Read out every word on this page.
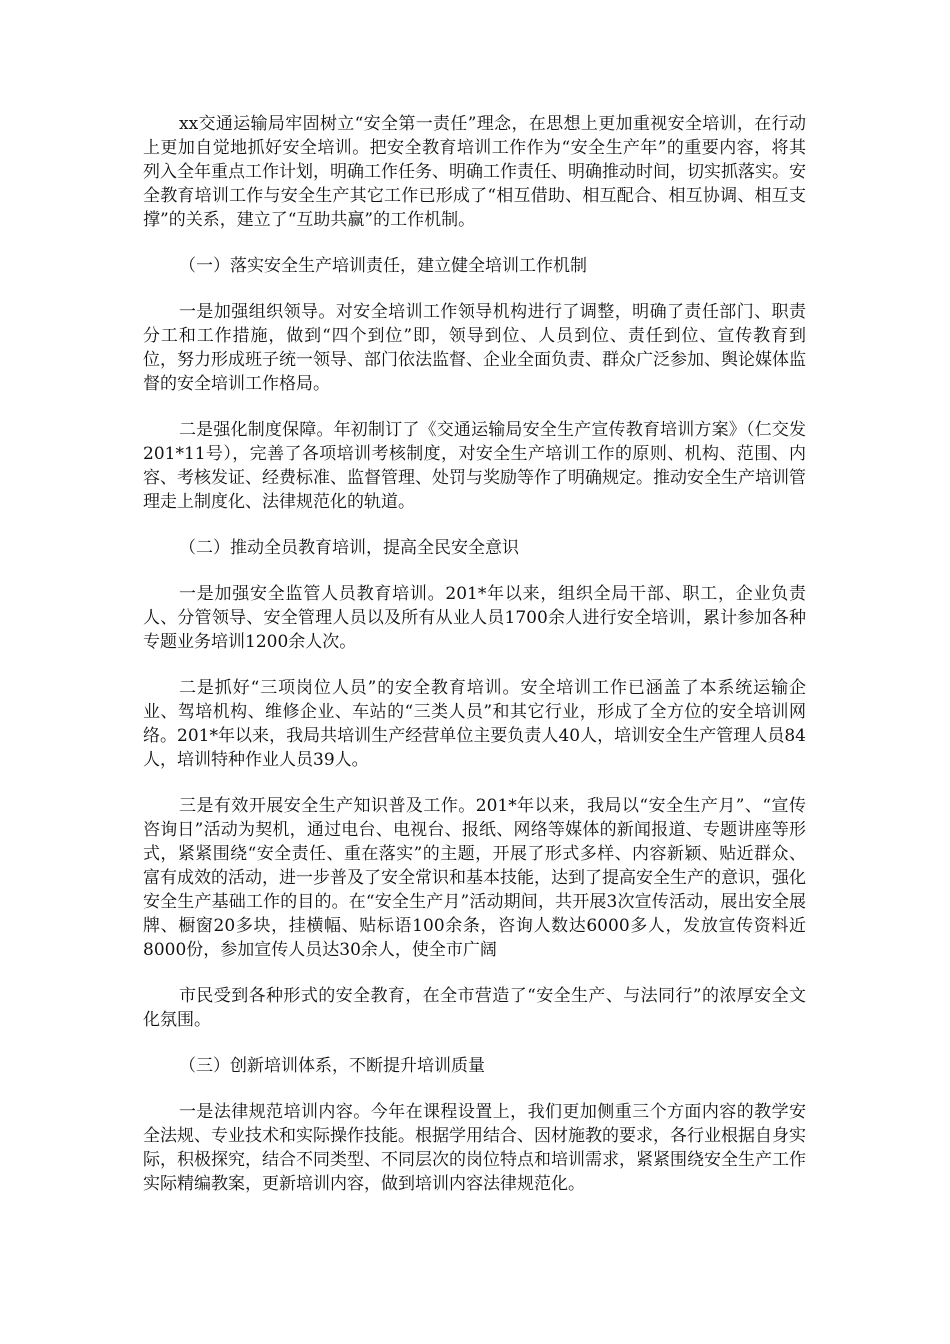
xx交通运输局牢固树立“安全第一责任”理念，在思想上更加重视安全培训，在行动上更加自觉地抓好安全培训。把安全教育培训工作作为“安全生产年”的重要内容，将其列入全年重点工作计划，明确工作任务、明确工作责任、明确推动时间，切实抓落实。安全教育培训工作与安全生产其它工作已形成了“相互借助、相互配合、相互协调、相互支撑”的关系，建立了“互助共赢”的工作机制。

（一）落实安全生产培训责任，建立健全培训工作机制

一是加强组织领导。对安全培训工作领导机构进行了调整，明确了责任部门、职责分工和工作措施，做到“四个到位”即，领导到位、人员到位、责任到位、宣传教育到位，努力形成班子统一领导、部门依法监督、企业全面负责、群众广泛参加、舆论媒体监督的安全培训工作格局。

二是强化制度保障。年初制订了《交通运输局安全生产宣传教育培训方案》（仁交发201*11号），完善了各项培训考核制度，对安全生产培训工作的原则、机构、范围、内容、考核发证、经费标准、监督管理、处罚与奖励等作了明确规定。推动安全生产培训管理走上制度化、法律规范化的轨道。

（二）推动全员教育培训，提高全民安全意识

一是加强安全监管人员教育培训。201*年以来，组织全局干部、职工，企业负责人、分管领导、安全管理人员以及所有从业人员1700余人进行安全培训，累计参加各种专题业务培训1200余人次。

二是抓好“三项岗位人员”的安全教育培训。安全培训工作已涵盖了本系统运输企业、驾培机构、维修企业、车站的“三类人员”和其它行业，形成了全方位的安全培训网络。201*年以来，我局共培训生产经营单位主要负责人40人，培训安全生产管理人员84人，培训特种作业人员39人。

三是有效开展安全生产知识普及工作。201*年以来，我局以“安全生产月”、“宣传咨询日”活动为契机，通过电台、电视台、报纸、网络等媒体的新闻报道、专题讲座等形式，紧紧围绕“安全责任、重在落实”的主题，开展了形式多样、内容新颖、贴近群众、富有成效的活动，进一步普及了安全常识和基本技能，达到了提高安全生产的意识，强化安全生产基础工作的目的。在“安全生产月”活动期间，共开展3次宣传活动，展出安全展牌、橱窗20多块，挂横幅、贴标语100余条，咨询人数达6000多人，发放宣传资料近8000份，参加宣传人员达30余人，使全市广阔

市民受到各种形式的安全教育，在全市营造了“安全生产、与法同行”的浓厚安全文化氛围。

（三）创新培训体系，不断提升培训质量

一是法律规范培训内容。今年在课程设置上，我们更加侧重三个方面内容的教学安全法规、专业技术和实际操作技能。根据学用结合、因材施教的要求，各行业根据自身实际，积极探究，结合不同类型、不同层次的岗位特点和培训需求，紧紧围绕安全生产工作实际精编教案，更新培训内容，做到培训内容法律规范化。
